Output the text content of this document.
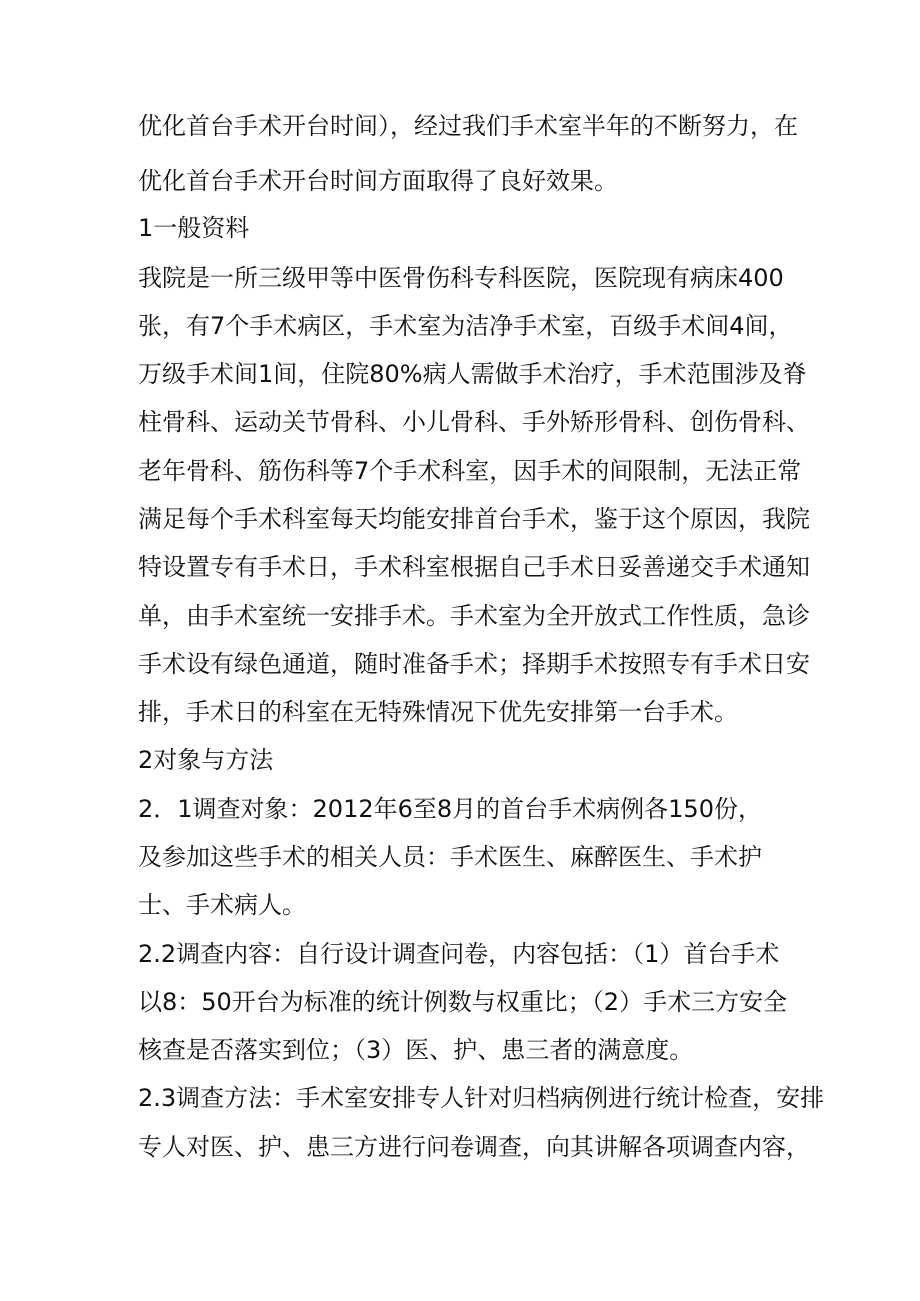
优化首台手术开台时间），经过我们手术室半年的不断努力，在
优化首台手术开台时间方面取得了良好效果。
1一般资料
我院是一所三级甲等中医骨伤科专科医院，医院现有病床400
张，有7个手术病区，手术室为洁净手术室，百级手术间4间，
万级手术间1间，住院80%病人需做手术治疗，手术范围涉及脊
柱骨科、运动关节骨科、小儿骨科、手外矫形骨科、创伤骨科、
老年骨科、筋伤科等7个手术科室，因手术的间限制，无法正常
满足每个手术科室每天均能安排首台手术，鉴于这个原因，我院
特设置专有手术日，手术科室根据自己手术日妥善递交手术通知
单，由手术室统一安排手术。手术室为全开放式工作性质，急诊
手术设有绿色通道，随时准备手术；择期手术按照专有手术日安
排，手术日的科室在无特殊情况下优先安排第一台手术。
2对象与方法
2．1调查对象：2012年6至8月的首台手术病例各150份，
及参加这些手术的相关人员：手术医生、麻醉医生、手术护
士、手术病人。
2.2调查内容：自行设计调查问卷，内容包括：（1）首台手术
以8：50开台为标准的统计例数与权重比；（2）手术三方安全
核查是否落实到位；（3）医、护、患三者的满意度。
2.3调查方法：手术室安排专人针对归档病例进行统计检查，安排
专人对医、护、患三方进行问卷调查，向其讲解各项调查内容，
